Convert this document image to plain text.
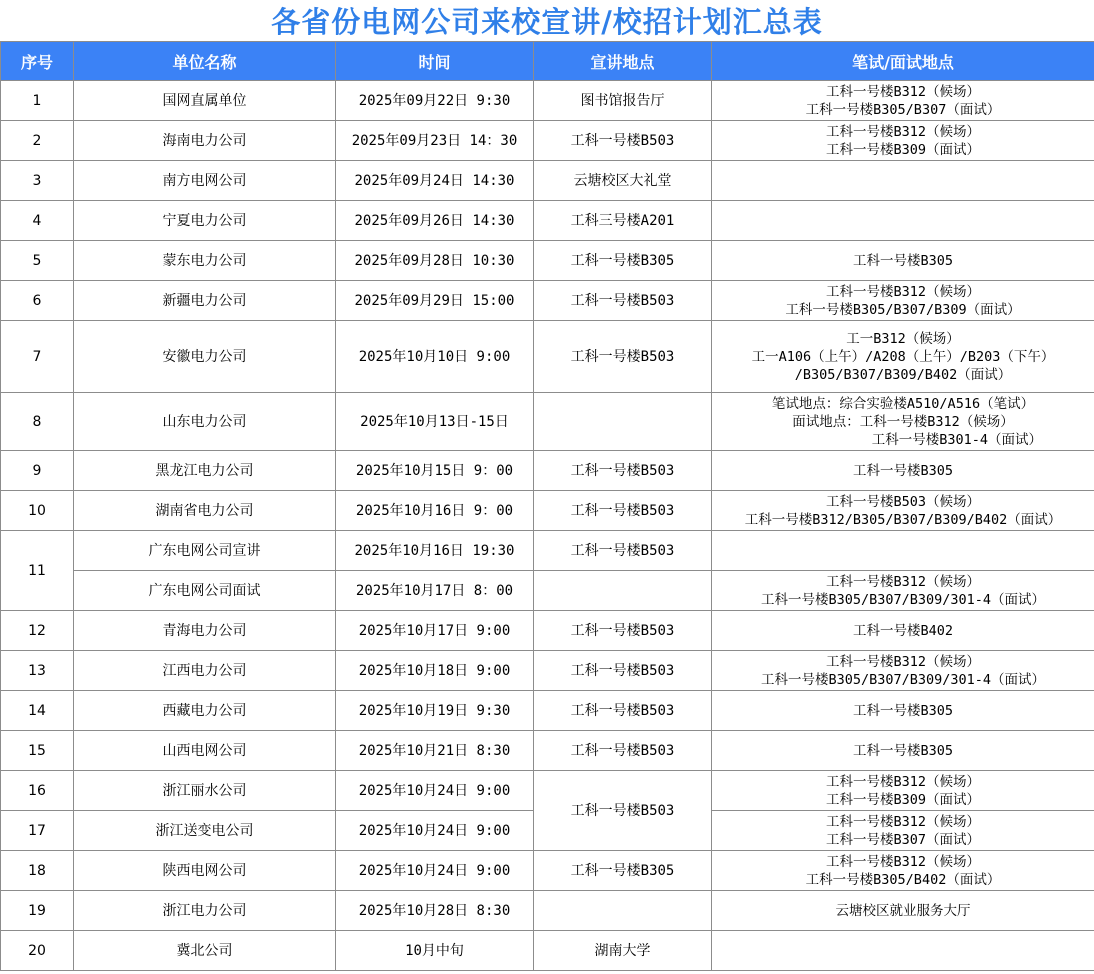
各省份电网公司来校宣讲/校招计划汇总表
序号	单位名称	时间	宣讲地点	笔试/面试地点
1	国网直属单位	2025年09月22日 9:30	图书馆报告厅	工科一号楼B312（候场）
工科一号楼B305/B307（面试）

2	海南电力公司	2025年09月23日 14：30	工科一号楼B503	工科一号楼B312（候场）
工科一号楼B309（面试）

3	南方电网公司	2025年09月24日 14:30	云塘校区大礼堂	
4	宁夏电力公司	2025年09月26日 14:30	工科三号楼A201	
5	蒙东电力公司	2025年09月28日 10:30	工科一号楼B305	工科一号楼B305

6	新疆电力公司	2025年09月29日 15:00	工科一号楼B503	工科一号楼B312（候场）
工科一号楼B305/B307/B309（面试）

7	安徽电力公司	2025年10月10日 9:00	工科一号楼B503	工一B312（候场）
工一A106（上午）/A208（上午）/B203（下午）
/B305/B307/B309/B402（面试）

8	山东电力公司	2025年10月13日-15日		笔试地点：综合实验楼A510/A516（笔试）
面试地点：工科一号楼B312（候场）
工科一号楼B301-4（面试）

9	黑龙江电力公司	2025年10月15日 9：00	工科一号楼B503	工科一号楼B305

10	湖南省电力公司	2025年10月16日 9：00	工科一号楼B503	工科一号楼B503（候场）
工科一号楼B312/B305/B307/B309/B402（面试）

11	广东电网公司宣讲	2025年10月16日 19:30	工科一号楼B503	
	广东电网公司面试	2025年10月17日 8：00		工科一号楼B312（候场）
工科一号楼B305/B307/B309/301-4（面试）

12	青海电力公司	2025年10月17日 9:00	工科一号楼B503	工科一号楼B402

13	江西电力公司	2025年10月18日 9:00	工科一号楼B503	工科一号楼B312（候场）
工科一号楼B305/B307/B309/301-4（面试）

14	西藏电力公司	2025年10月19日 9:30	工科一号楼B503	工科一号楼B305

15	山西电网公司	2025年10月21日 8:30	工科一号楼B503	工科一号楼B305

16	浙江丽水公司	2025年10月24日 9:00	工科一号楼B503	工科一号楼B312（候场）
工科一号楼B309（面试）

17	浙江送变电公司	2025年10月24日 9:00		工科一号楼B312（候场）
工科一号楼B307（面试）

18	陕西电网公司	2025年10月24日 9:00	工科一号楼B305	工科一号楼B312（候场）
工科一号楼B305/B402（面试）

19	浙江电力公司	2025年10月28日 8:30		云塘校区就业服务大厅

20	冀北公司	10月中旬	湖南大学	
